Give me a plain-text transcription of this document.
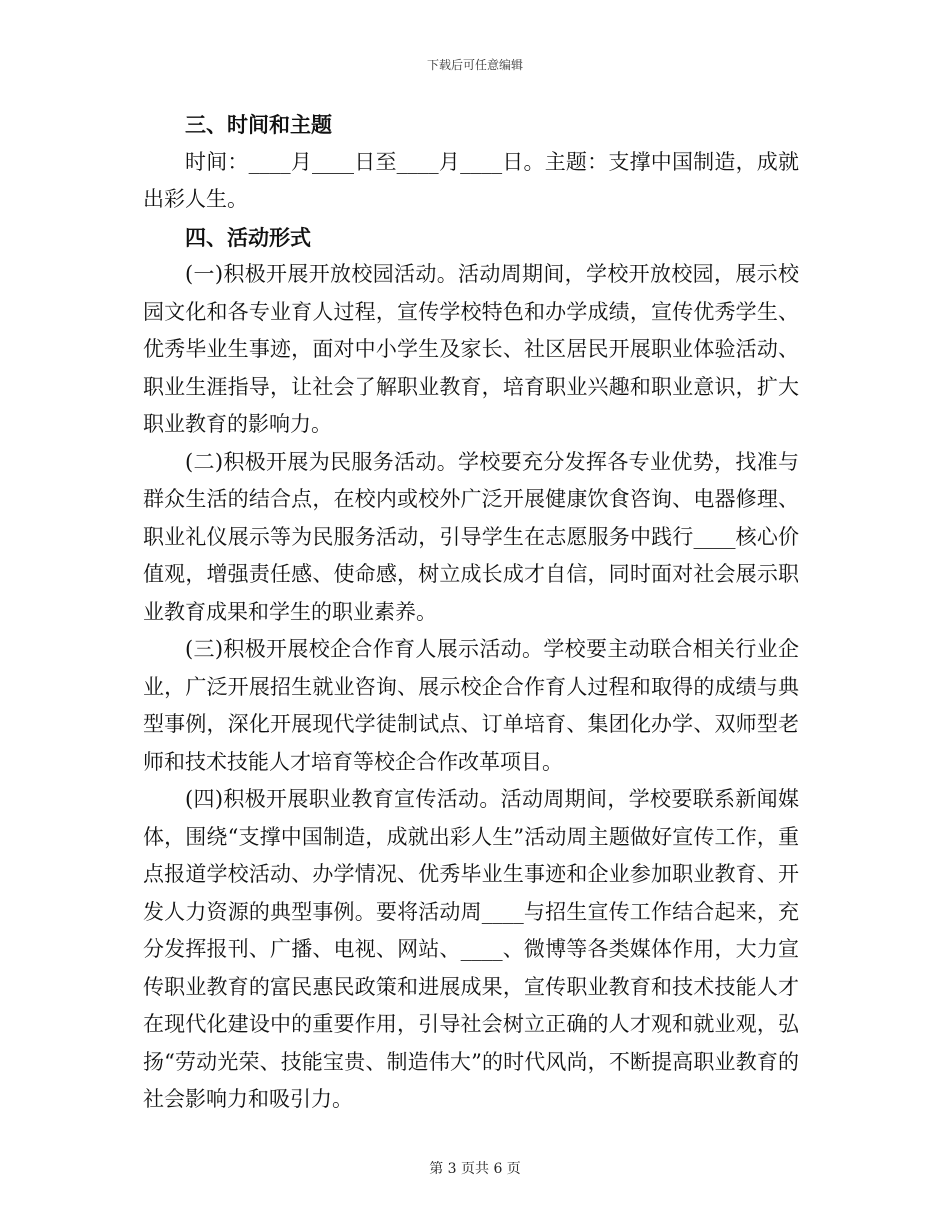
下载后可任意编辑

三、时间和主题

时间：____月____日至____月____日。主题：支撑中国制造，成就出彩人生。

四、活动形式

(一)积极开展开放校园活动。活动周期间，学校开放校园，展示校园文化和各专业育人过程，宣传学校特色和办学成绩，宣传优秀学生、优秀毕业生事迹，面对中小学生及家长、社区居民开展职业体验活动、职业生涯指导，让社会了解职业教育，培育职业兴趣和职业意识，扩大职业教育的影响力。

(二)积极开展为民服务活动。学校要充分发挥各专业优势，找准与群众生活的结合点，在校内或校外广泛开展健康饮食咨询、电器修理、职业礼仪展示等为民服务活动，引导学生在志愿服务中践行____核心价值观，增强责任感、使命感，树立成长成才自信，同时面对社会展示职业教育成果和学生的职业素养。

(三)积极开展校企合作育人展示活动。学校要主动联合相关行业企业，广泛开展招生就业咨询、展示校企合作育人过程和取得的成绩与典型事例，深化开展现代学徒制试点、订单培育、集团化办学、双师型老师和技术技能人才培育等校企合作改革项目。

(四)积极开展职业教育宣传活动。活动周期间，学校要联系新闻媒体，围绕“支撑中国制造，成就出彩人生”活动周主题做好宣传工作，重点报道学校活动、办学情况、优秀毕业生事迹和企业参加职业教育、开发人力资源的典型事例。要将活动周____与招生宣传工作结合起来，充分发挥报刊、广播、电视、网站、____、微博等各类媒体作用，大力宣传职业教育的富民惠民政策和进展成果，宣传职业教育和技术技能人才在现代化建设中的重要作用，引导社会树立正确的人才观和就业观，弘扬“劳动光荣、技能宝贵、制造伟大”的时代风尚，不断提高职业教育的社会影响力和吸引力。

第 3 页共 6 页
